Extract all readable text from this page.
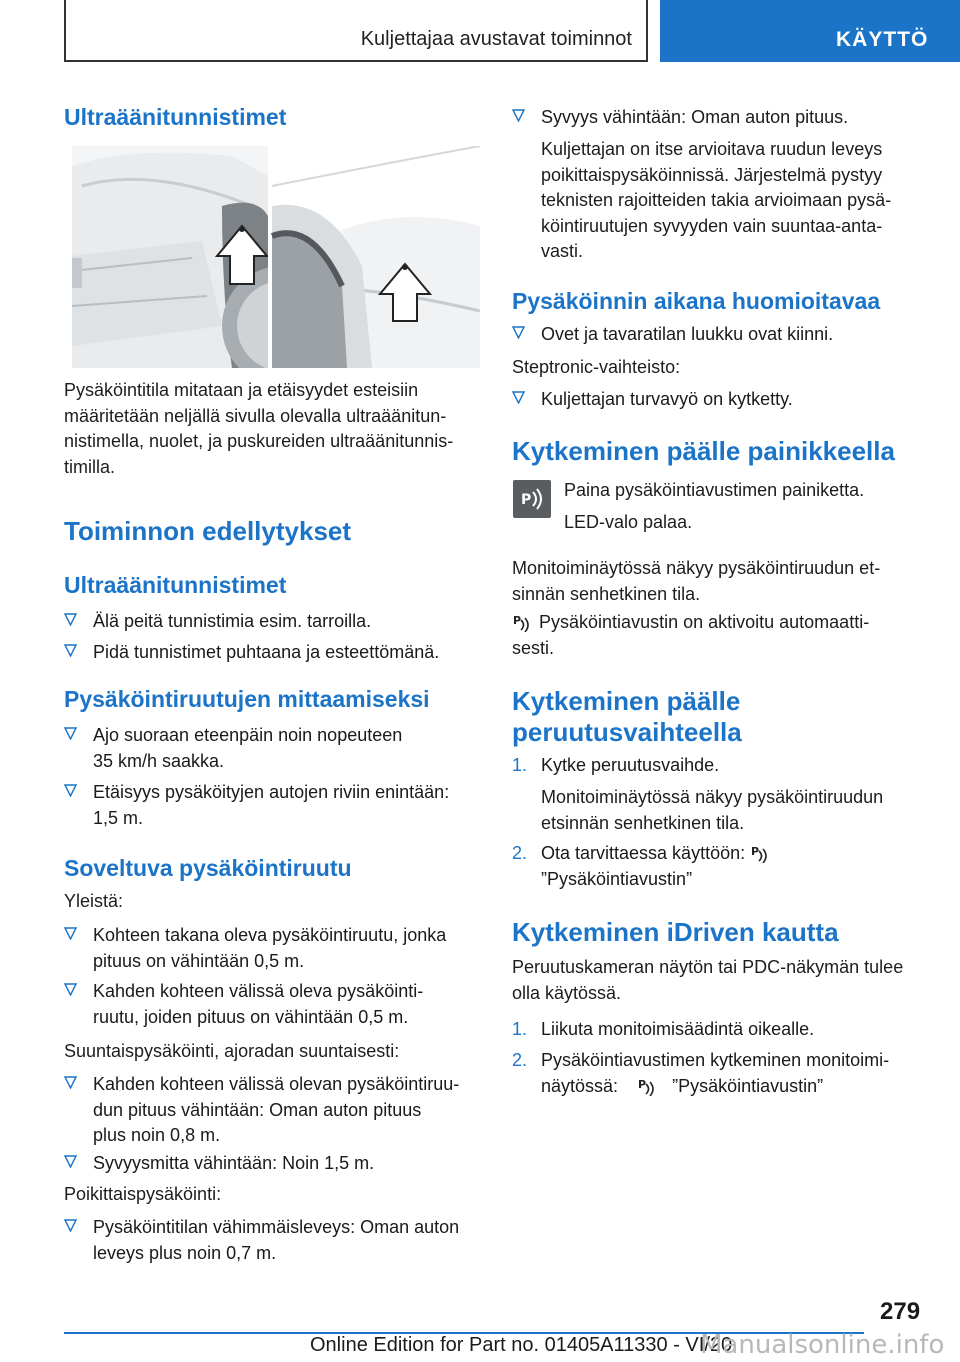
Kuljettajaa avustavat toiminnot	KÄYTTÖ
Ultraäänitunnistimet
Pysäköintitila mitataan ja etäisyydet esteisiin
määritetään neljällä sivulla olevalla ultraäänitun-
nistimella, nuolet, ja puskureiden ultraäänitunnis-
timilla.
Toiminnon edellytykset
Ultraäänitunnistimet
Älä peitä tunnistimia esim. tarroilla.
Pidä tunnistimet puhtaana ja esteettömänä.
Pysäköintiruutujen mittaamiseksi
Ajo suoraan eteenpäin noin nopeuteen
35 km/h saakka.
Etäisyys pysäköityjen autojen riviin enintään:
1,5 m.
Soveltuva pysäköintiruutu
Yleistä:
Kohteen takana oleva pysäköintiruutu, jonka
pituus on vähintään 0,5 m.
Kahden kohteen välissä oleva pysäköinti-
ruutu, joiden pituus on vähintään 0,5 m.
Suuntaispysäköinti, ajoradan suuntaisesti:
Kahden kohteen välissä olevan pysäköintiruu-
dun pituus vähintään: Oman auton pituus
plus noin 0,8 m.
Syvyysmitta vähintään: Noin 1,5 m.
Poikittaispysäköinti:
Pysäköintitilan vähimmäisleveys: Oman auton
leveys plus noin 0,7 m.
Syvyys vähintään: Oman auton pituus.
Kuljettajan on itse arvioitava ruudun leveys
poikittaispysäköinnissä. Järjestelmä pystyy
teknisten rajoitteiden takia arvioimaan pysä-
köintiruutujen syvyyden vain suuntaa-anta-
vasti.
Pysäköinnin aikana huomioitavaa
Ovet ja tavaratilan luukku ovat kiinni.
Steptronic-vaihteisto:
Kuljettajan turvavyö on kytketty.
Kytkeminen päälle painikkeella
P Paina pysäköintiavustimen painiketta.
LED-valo palaa.
Monitoiminäytössä näkyy pysäköintiruudun et-
sinnän senhetkinen tila.
P Pysäköintiavustin on aktivoitu automaatti-
sesti.
Kytkeminen päälle
peruutusvaihteella
1. Kytke peruutusvaihde.
Monitoiminäytössä näkyy pysäköintiruudun
etsinnän senhetkinen tila.
2. Ota tarvittaessa käyttöön: P
”Pysäköintiavustin”
Kytkeminen iDriven kautta
Peruutuskameran näytön tai PDC-näkymän tulee
olla käytössä.
1. Liikuta monitoimisäädintä oikealle.
2. Pysäköintiavustimen kytkeminen monitoimi-
näytössä: P ”Pysäköintiavustin”
279
Online Edition for Part no. 01405A11330 - VI/20
Manualsonline.info
